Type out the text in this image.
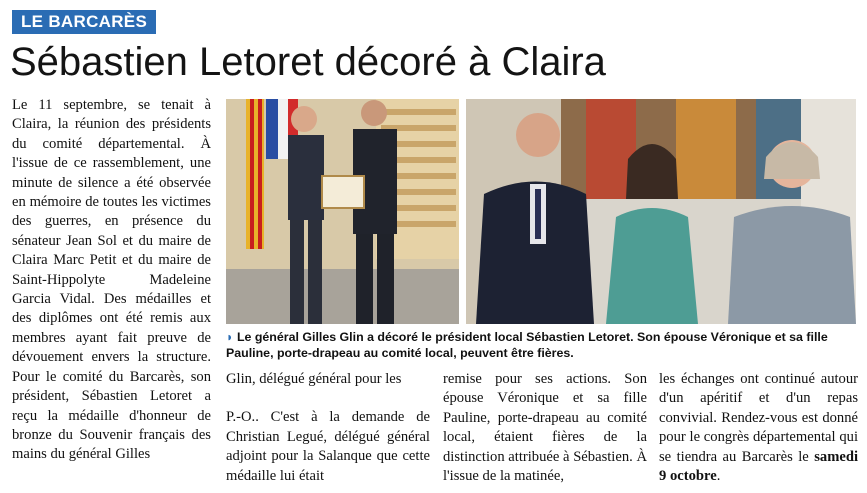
LE BARCARÈS
Sébastien Letoret décoré à Claira

Le 11 septembre, se tenait à Claira, la réunion des présidents du comité départemental. À l'issue de ce rassemblement, une minute de silence a été observée en mémoire de toutes les victimes des guerres, en présence du sénateur Jean Sol et du maire de Claira Marc Petit et du maire de Saint-Hippolyte Madeleine Garcia Vidal. Des médailles et des diplômes ont été remis aux membres ayant fait preuve de dévouement envers la structure. Pour le comité du Barcarès, son président, Sébastien Letoret a reçu la médaille d'honneur de bronze du Souvenir français des mains du général Gilles

◗ Le général Gilles Glin a décoré le président local Sébastien Letoret. Son épouse Véronique et sa fille Pauline, porte-drapeau au comité local, peuvent être fières.

Glin, délégué général pour les

P.-O.. C'est à la demande de Christian Legué, délégué général adjoint pour la Salanque que cette médaille lui était

remise pour ses actions. Son épouse Véronique et sa fille Pauline, porte-drapeau au comité local, étaient fières de la distinction attribuée à Sébastien. À l'issue de la matinée,

les échanges ont continué autour d'un apéritif et d'un repas convivial. Rendez-vous est donné pour le congrès départemental qui se tiendra au Barcarès le samedi 9 octobre.
